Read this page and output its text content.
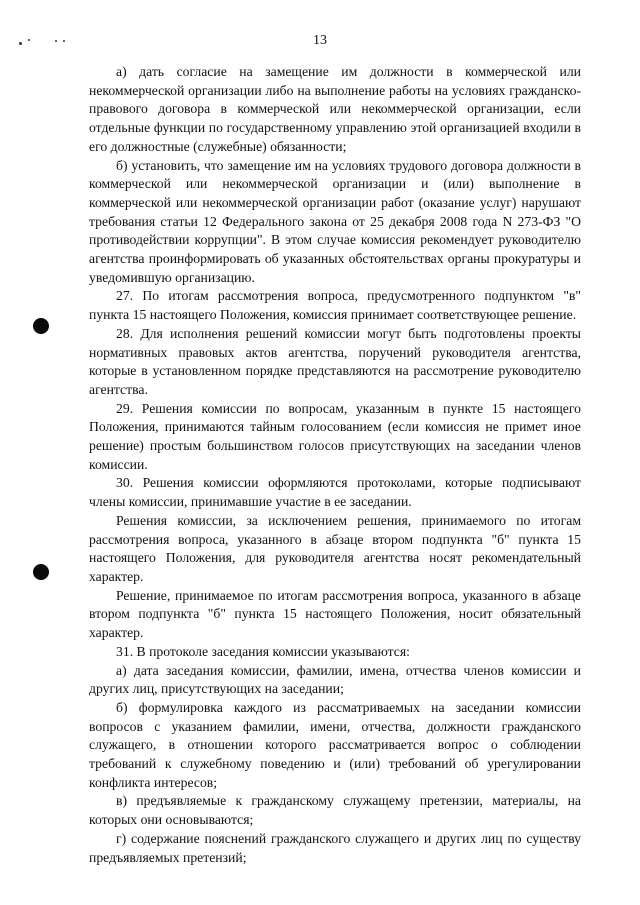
13

а) дать согласие на замещение им должности в коммерческой или некоммерческой организации либо на выполнение работы на условиях гражданско-правового договора в коммерческой или некоммерческой организации, если отдельные функции по государственному управлению этой организацией входили в его должностные (служебные) обязанности;

б) установить, что замещение им на условиях трудового договора должности в коммерческой или некоммерческой организации и (или) выполнение в коммерческой или некоммерческой организации работ (оказание услуг) нарушают требования статьи 12 Федерального закона от 25 декабря 2008 года N 273-ФЗ "О противодействии коррупции". В этом случае комиссия рекомендует руководителю агентства проинформировать об указанных обстоятельствах органы прокуратуры и уведомившую организацию.

27. По итогам рассмотрения вопроса, предусмотренного подпунктом "в" пункта 15 настоящего Положения, комиссия принимает соответствующее решение.

28. Для исполнения решений комиссии могут быть подготовлены проекты нормативных правовых актов агентства, поручений руководителя агентства, которые в установленном порядке представляются на рассмотрение руководителю агентства.

29. Решения комиссии по вопросам, указанным в пункте 15 настоящего Положения, принимаются тайным голосованием (если комиссия не примет иное решение) простым большинством голосов присутствующих на заседании членов комиссии.

30. Решения комиссии оформляются протоколами, которые подписывают члены комиссии, принимавшие участие в ее заседании.

Решения комиссии, за исключением решения, принимаемого по итогам рассмотрения вопроса, указанного в абзаце втором подпункта "б" пункта 15 настоящего Положения, для руководителя агентства носят рекомендательный характер.

Решение, принимаемое по итогам рассмотрения вопроса, указанного в абзаце втором подпункта "б" пункта 15 настоящего Положения, носит обязательный характер.

31. В протоколе заседания комиссии указываются:

а) дата заседания комиссии, фамилии, имена, отчества членов комиссии и других лиц, присутствующих на заседании;

б) формулировка каждого из рассматриваемых на заседании комиссии вопросов с указанием фамилии, имени, отчества, должности гражданского служащего, в отношении которого рассматривается вопрос о соблюдении требований к служебному поведению и (или) требований об урегулировании конфликта интересов;

в) предъявляемые к гражданскому служащему претензии, материалы, на которых они основываются;

г) содержание пояснений гражданского служащего и других лиц по существу предъявляемых претензий;
